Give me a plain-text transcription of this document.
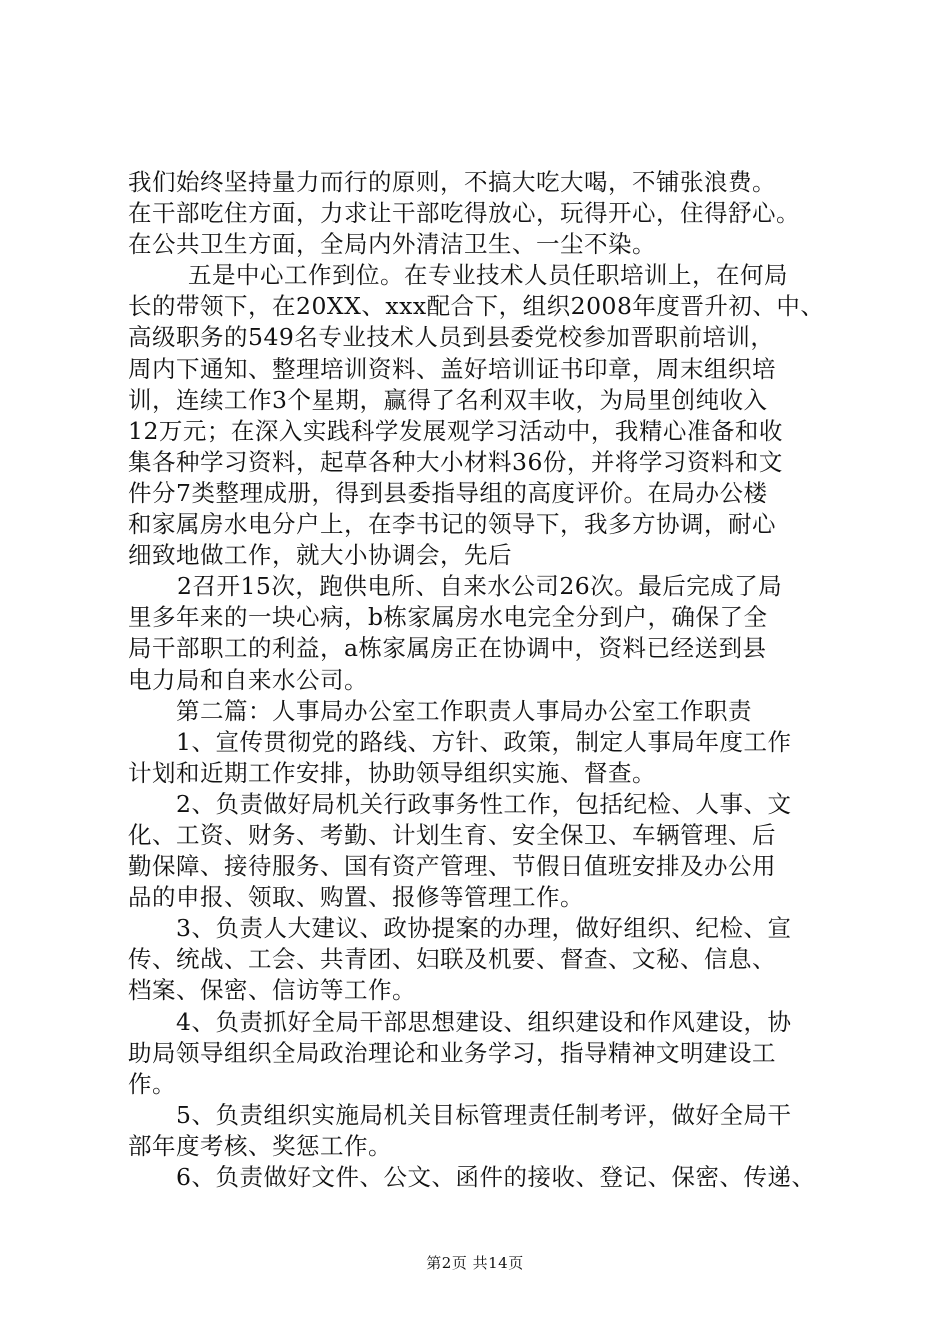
我们始终坚持量力而行的原则，不搞大吃大喝，不铺张浪费。
在干部吃住方面，力求让干部吃得放心，玩得开心，住得舒心。
在公共卫生方面，全局内外清洁卫生、一尘不染。
五是中心工作到位。在专业技术人员任职培训上，在何局
长的带领下，在20XX、xxx配合下，组织2008年度晋升初、中、
高级职务的549名专业技术人员到县委党校参加晋职前培训，
周内下通知、整理培训资料、盖好培训证书印章，周末组织培
训，连续工作3个星期，赢得了名利双丰收，为局里创纯收入
12万元；在深入实践科学发展观学习活动中，我精心准备和收
集各种学习资料，起草各种大小材料36份，并将学习资料和文
件分7类整理成册，得到县委指导组的高度评价。在局办公楼
和家属房水电分户上，在李书记的领导下，我多方协调，耐心
细致地做工作，就大小协调会，先后
2召开15次，跑供电所、自来水公司26次。最后完成了局
里多年来的一块心病，b栋家属房水电完全分到户，确保了全
局干部职工的利益，a栋家属房正在协调中，资料已经送到县
电力局和自来水公司。
第二篇：人事局办公室工作职责人事局办公室工作职责
1、宣传贯彻党的路线、方针、政策，制定人事局年度工作
计划和近期工作安排，协助领导组织实施、督查。
2、负责做好局机关行政事务性工作，包括纪检、人事、文
化、工资、财务、考勤、计划生育、安全保卫、车辆管理、后
勤保障、接待服务、国有资产管理、节假日值班安排及办公用
品的申报、领取、购置、报修等管理工作。
3、负责人大建议、政协提案的办理，做好组织、纪检、宣
传、统战、工会、共青团、妇联及机要、督查、文秘、信息、
档案、保密、信访等工作。
4、负责抓好全局干部思想建设、组织建设和作风建设，协
助局领导组织全局政治理论和业务学习，指导精神文明建设工
作。
5、负责组织实施局机关目标管理责任制考评，做好全局干
部年度考核、奖惩工作。
6、负责做好文件、公文、函件的接收、登记、保密、传递、
第2页 共14页
